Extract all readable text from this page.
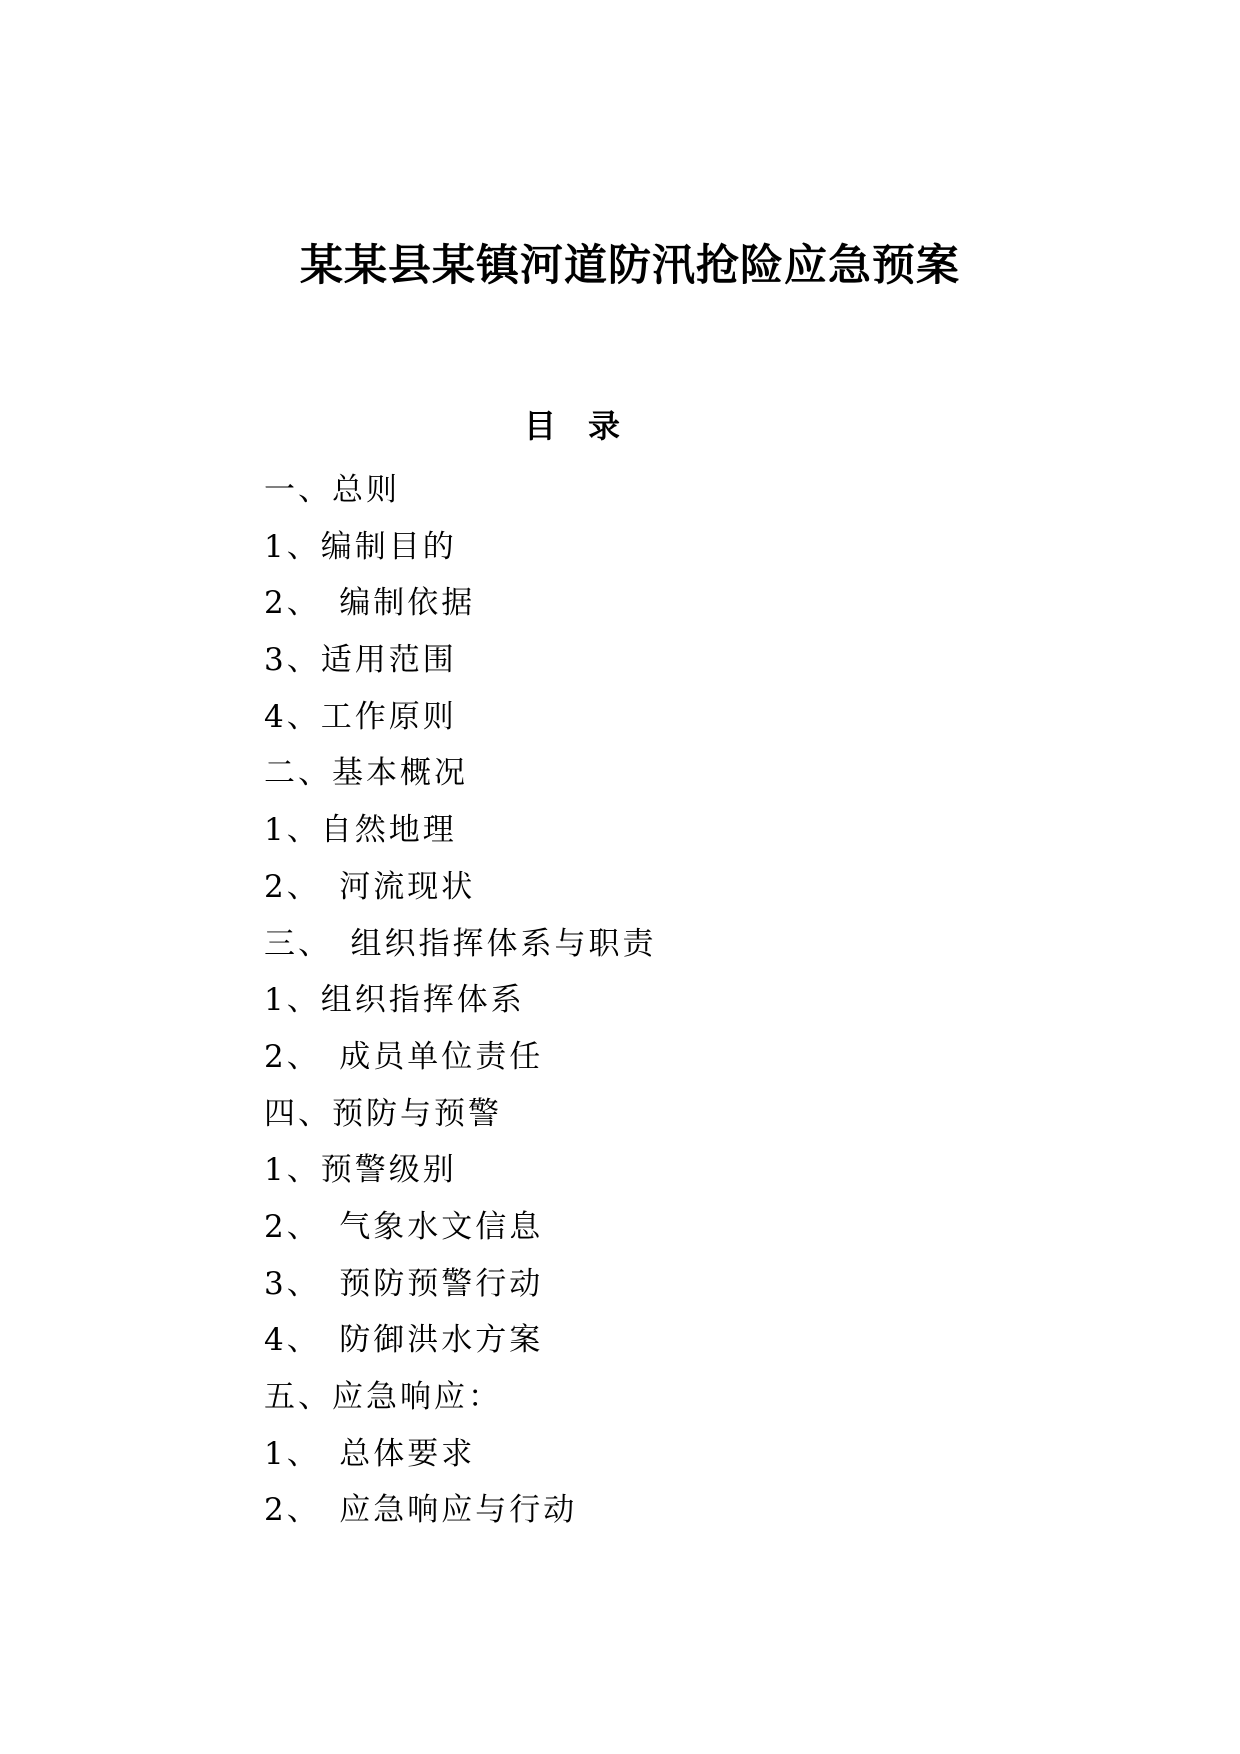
某某县某镇河道防汛抢险应急预案
目　录
一、总则
1、编制目的
2、　编制依据
3、适用范围
4、工作原则
二、基本概况
1、自然地理
2、　河流现状
三、　组织指挥体系与职责
1、组织指挥体系
2、　成员单位责任
四、预防与预警
1、预警级别
2、　气象水文信息
3、　预防预警行动
4、　防御洪水方案
五、应急响应：
1、　总体要求
2、　应急响应与行动
